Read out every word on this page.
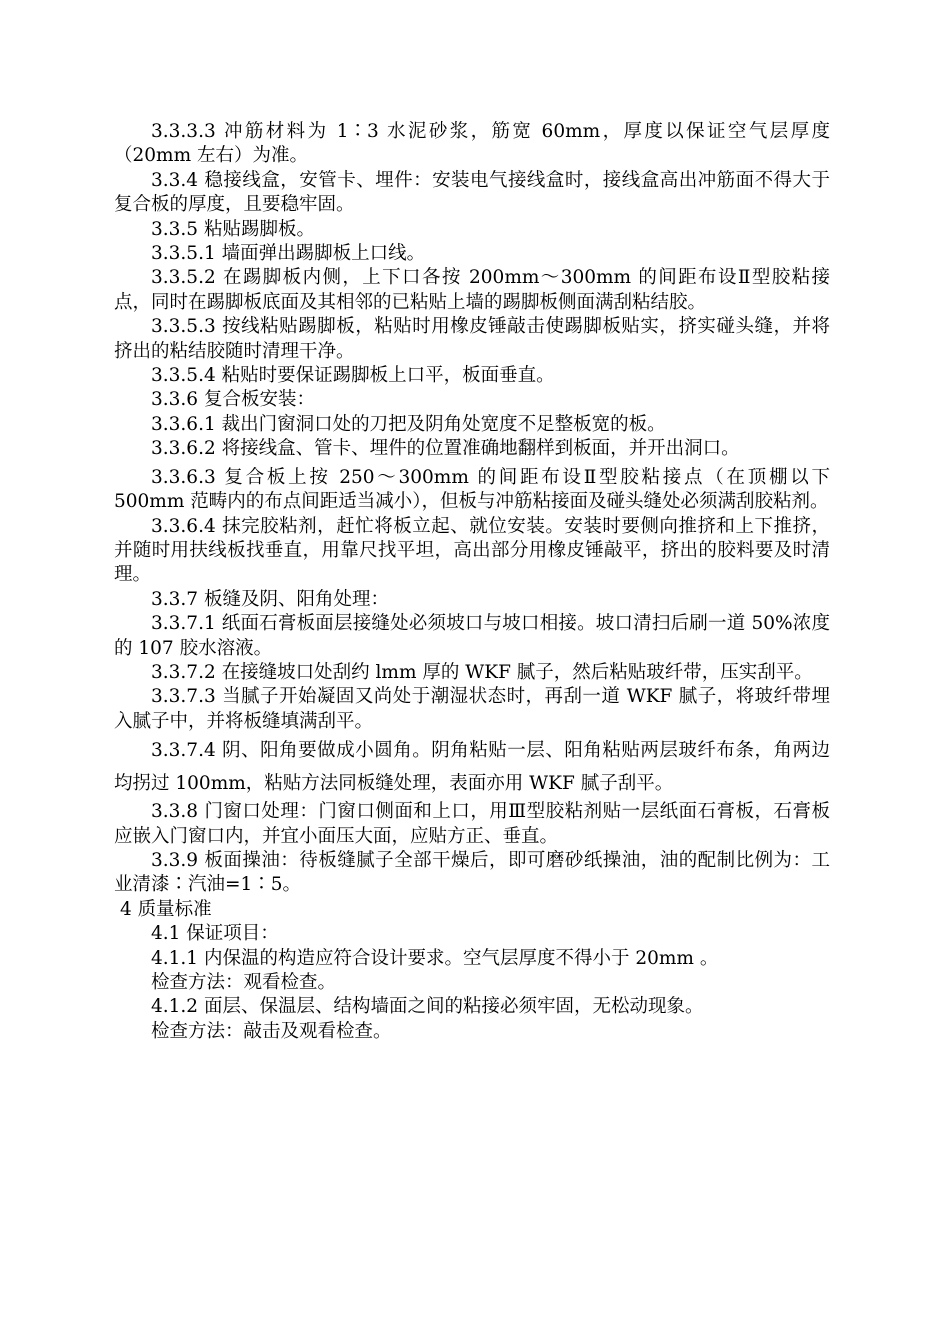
3.3.3.3 冲筋材料为 1∶3 水泥砂浆，筋宽 60mm，厚度以保证空气层厚度（20mm 左右）为准。

3.3.4 稳接线盒，安管卡、埋件：安装电气接线盒时，接线盒高出冲筋面不得大于复合板的厚度，且要稳牢固。

3.3.5 粘贴踢脚板。

3.3.5.1 墙面弹出踢脚板上口线。

3.3.5.2 在踢脚板内侧，上下口各按 200mm～300mm 的间距布设Ⅱ型胶粘接点，同时在踢脚板底面及其相邻的已粘贴上墙的踢脚板侧面满刮粘结胶。

3.3.5.3 按线粘贴踢脚板，粘贴时用橡皮锤敲击使踢脚板贴实，挤实碰头缝，并将挤出的粘结胶随时清理干净。

3.3.5.4 粘贴时要保证踢脚板上口平，板面垂直。

3.3.6 复合板安装：

3.3.6.1 裁出门窗洞口处的刀把及阴角处宽度不足整板宽的板。

3.3.6.2 将接线盒、管卡、埋件的位置准确地翻样到板面，并开出洞口。

3.3.6.3 复合板上按 250～300mm 的间距布设Ⅱ型胶粘接点（在顶棚以下 500mm 范畴内的布点间距适当减小），但板与冲筋粘接面及碰头缝处必须满刮胶粘剂。

3.3.6.4 抹完胶粘剂，赶忙将板立起、就位安装。安装时要侧向推挤和上下推挤，并随时用扶线板找垂直，用靠尺找平坦，高出部分用橡皮锤敲平，挤出的胶料要及时清理。

3.3.7 板缝及阴、阳角处理：

3.3.7.1 纸面石膏板面层接缝处必须坡口与坡口相接。坡口清扫后刷一道 50%浓度的 107 胶水溶液。

3.3.7.2 在接缝坡口处刮约 lmm 厚的 WKF 腻子，然后粘贴玻纤带，压实刮平。

3.3.7.3 当腻子开始凝固又尚处于潮湿状态时，再刮一道 WKF 腻子，将玻纤带埋入腻子中，并将板缝填满刮平。

3.3.7.4 阴、阳角要做成小圆角。阴角粘贴一层、阳角粘贴两层玻纤布条，角两边均拐过 100mm，粘贴方法同板缝处理，表面亦用 WKF 腻子刮平。

3.3.8 门窗口处理：门窗口侧面和上口，用Ⅲ型胶粘剂贴一层纸面石膏板，石膏板应嵌入门窗口内，并宜小面压大面，应贴方正、垂直。

3.3.9 板面操油：待板缝腻子全部干燥后，即可磨砂纸操油，油的配制比例为：工业清漆∶汽油=1∶5。

4 质量标准

4.1 保证项目：

4.1.1 内保温的构造应符合设计要求。空气层厚度不得小于 20mm 。

检查方法：观看检查。

4.1.2 面层、保温层、结构墙面之间的粘接必须牢固，无松动现象。

检查方法：敲击及观看检查。
